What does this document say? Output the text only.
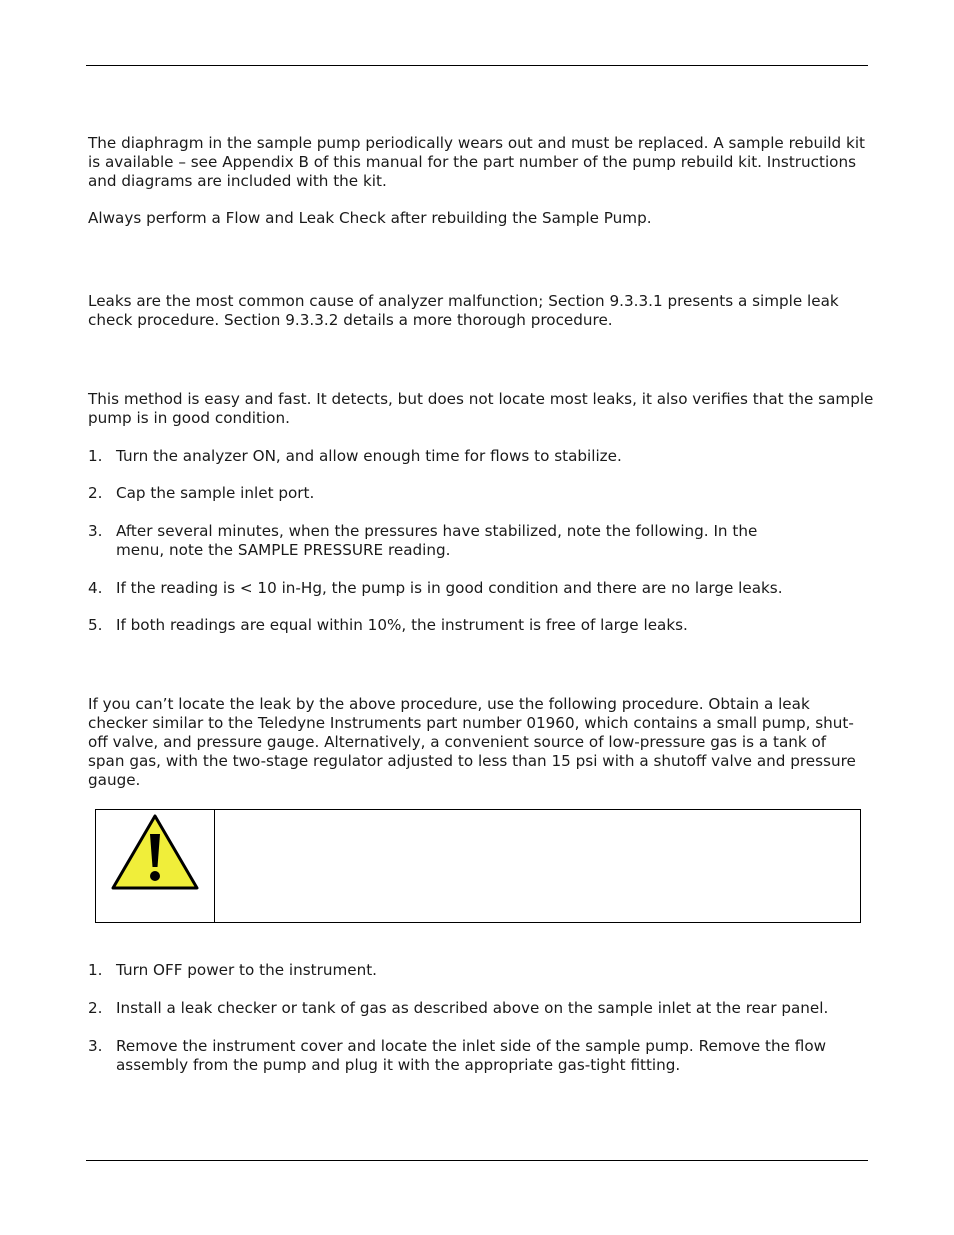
The diaphragm in the sample pump periodically wears out and must be replaced. A sample rebuild kit is available – see Appendix B of this manual for the part number of the pump rebuild kit. Instructions and diagrams are included with the kit.

Always perform a Flow and Leak Check after rebuilding the Sample Pump.

Leaks are the most common cause of analyzer malfunction; Section 9.3.3.1 presents a simple leak check procedure. Section 9.3.3.2 details a more thorough procedure.

This method is easy and fast. It detects, but does not locate most leaks, it also verifies that the sample pump is in good condition.

1. Turn the analyzer ON, and allow enough time for flows to stabilize.
2. Cap the sample inlet port.
3. After several minutes, when the pressures have stabilized, note the following. In the menu, note the SAMPLE PRESSURE reading.
4. If the reading is < 10 in-Hg, the pump is in good condition and there are no large leaks.
5. If both readings are equal within 10%, the instrument is free of large leaks.

If you can’t locate the leak by the above procedure, use the following procedure. Obtain a leak checker similar to the Teledyne Instruments part number 01960, which contains a small pump, shut-off valve, and pressure gauge. Alternatively, a convenient source of low-pressure gas is a tank of span gas, with the two-stage regulator adjusted to less than 15 psi with a shutoff valve and pressure gauge.

1. Turn OFF power to the instrument.
2. Install a leak checker or tank of gas as described above on the sample inlet at the rear panel.
3. Remove the instrument cover and locate the inlet side of the sample pump. Remove the flow assembly from the pump and plug it with the appropriate gas-tight fitting.
